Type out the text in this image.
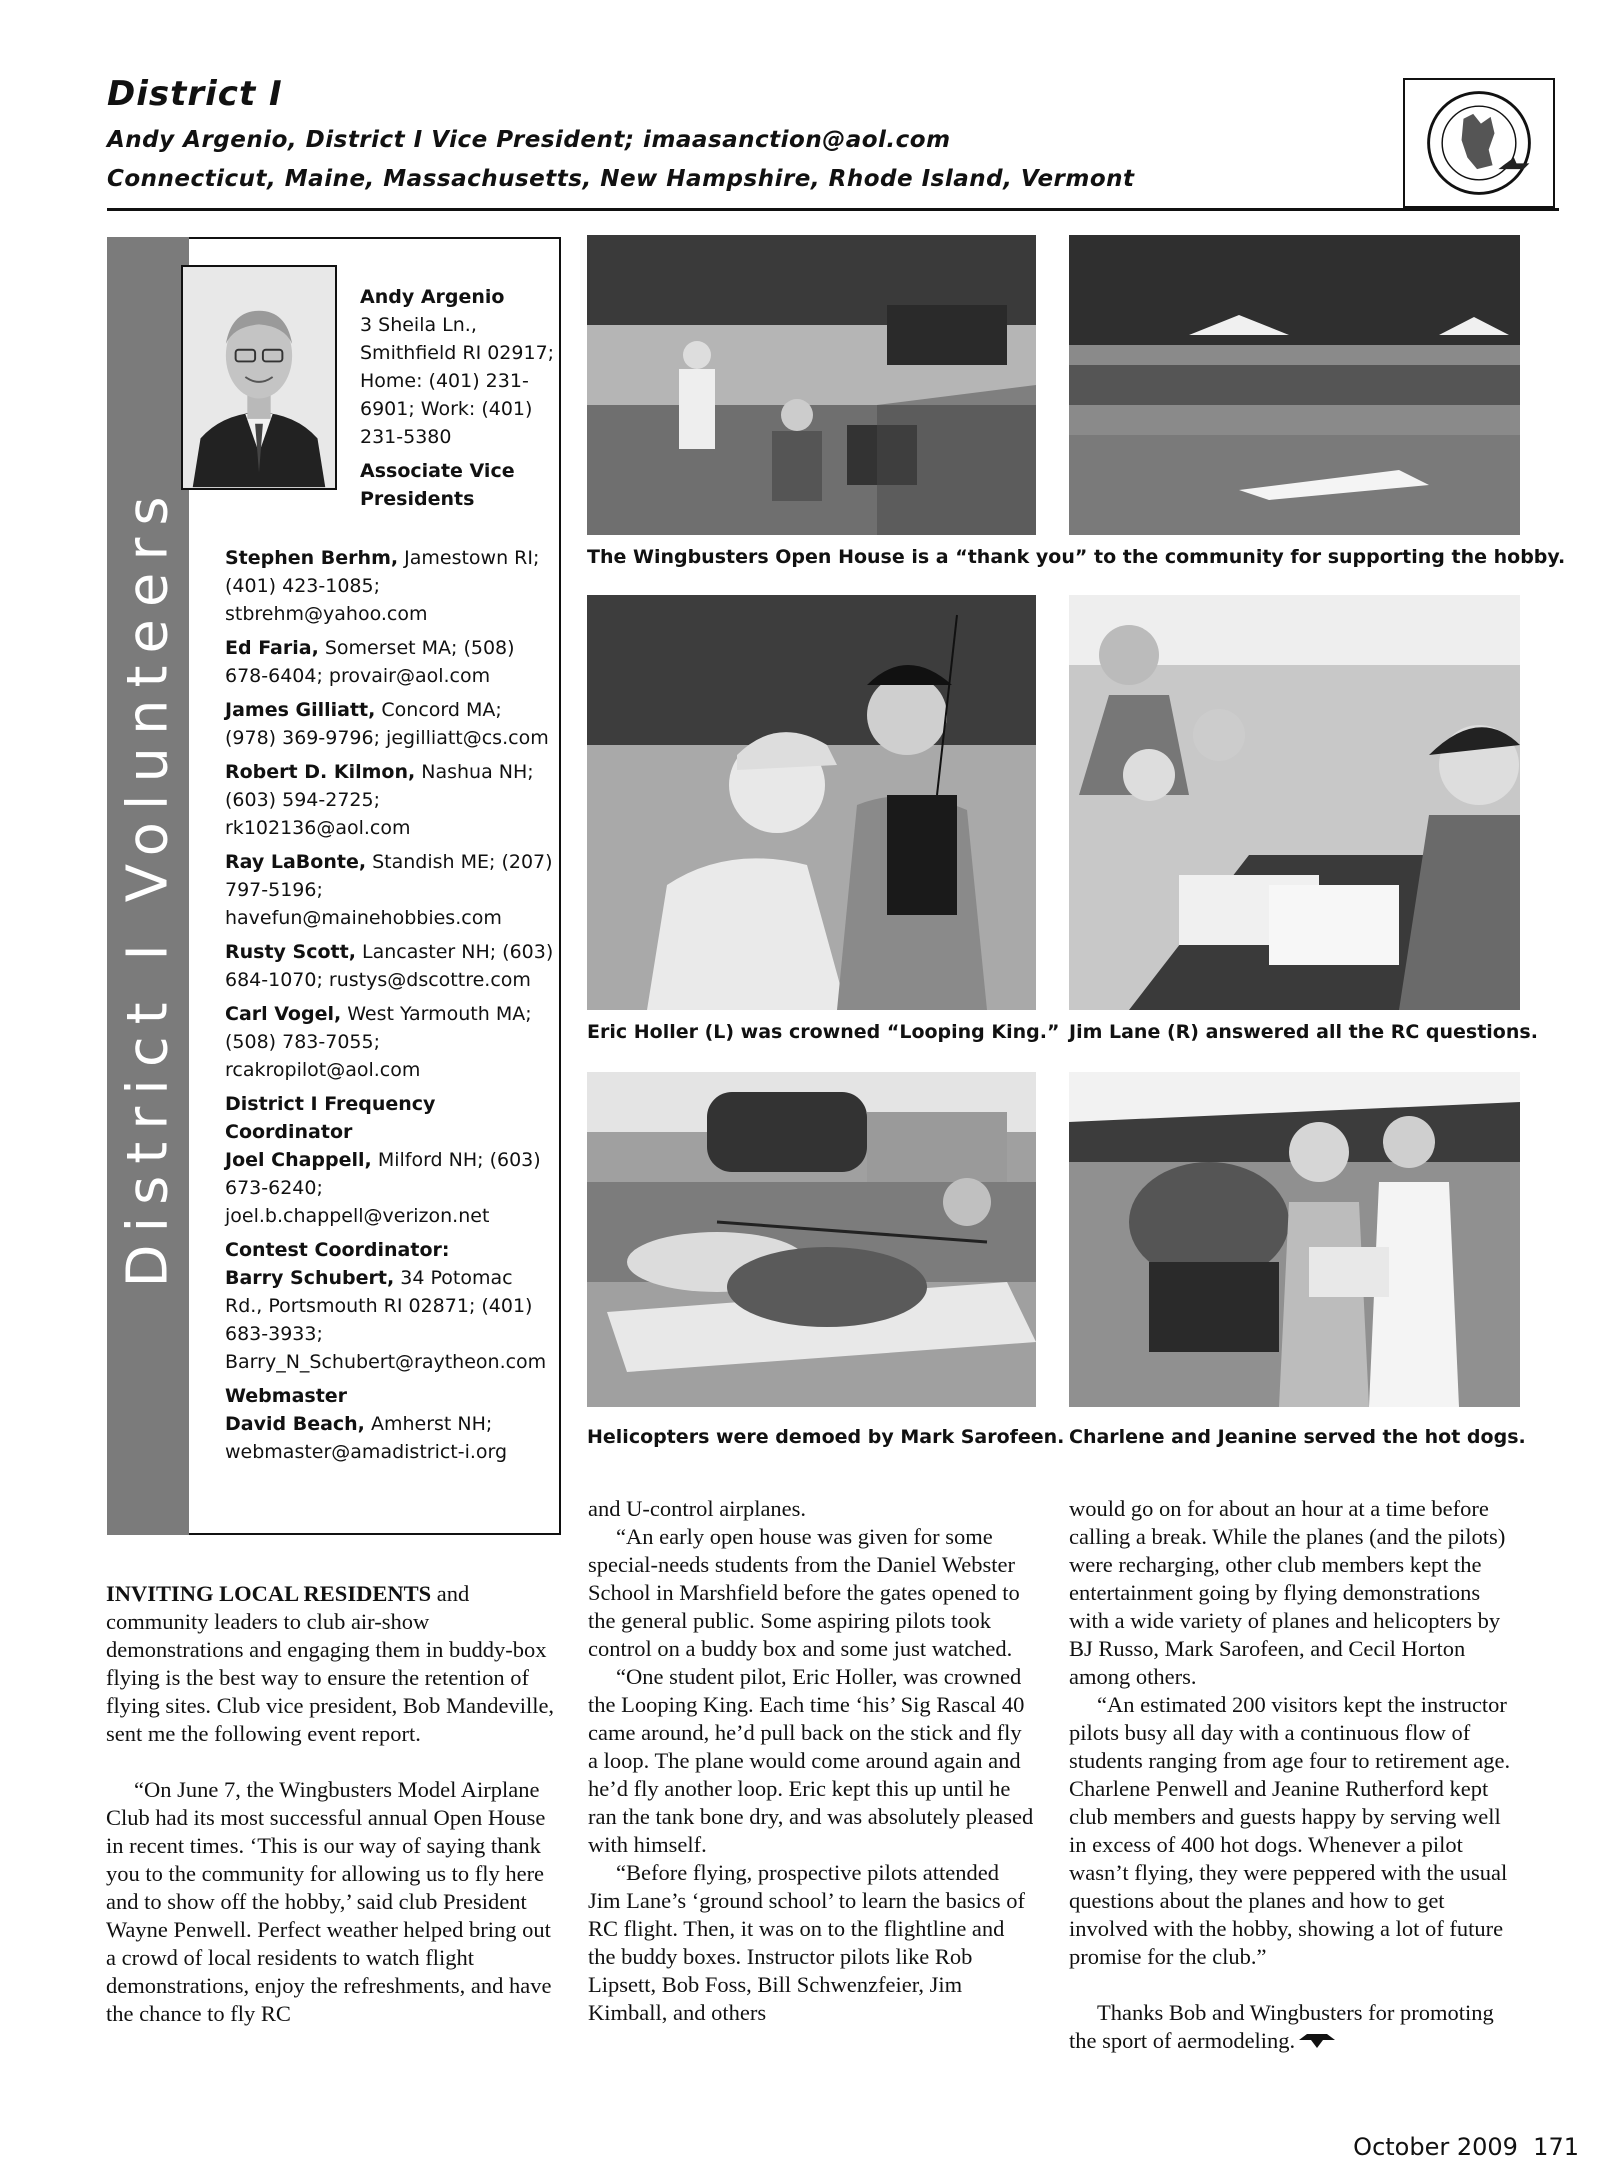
District I
Andy Argenio, District I Vice President; imaasanction@aol.com
Connecticut, Maine, Massachusetts, New Hampshire, Rhode Island, Vermont
District I Volunteers
Andy Argenio
3 Sheila Ln., Smithfield RI 02917; Home: (401) 231-6901; Work: (401) 231-5380
Associate Vice Presidents
Stephen Berhm, Jamestown RI; (401) 423-1085; stbrehm@yahoo.com
Ed Faria, Somerset MA; (508) 678-6404; provair@aol.com
James Gilliatt, Concord MA; (978) 369-9796; jegilliatt@cs.com
Robert D. Kilmon, Nashua NH; (603) 594-2725; rk102136@aol.com
Ray LaBonte, Standish ME; (207) 797-5196; havefun@mainehobbies.com
Rusty Scott, Lancaster NH; (603) 684-1070; rustys@dscottre.com
Carl Vogel, West Yarmouth MA; (508) 783-7055; rcakropilot@aol.com
District I Frequency Coordinator
Joel Chappell, Milford NH; (603) 673-6240; joel.b.chappell@verizon.net
Contest Coordinator:
Barry Schubert, 34 Potomac Rd., Portsmouth RI 02871; (401) 683-3933; Barry_N_Schubert@raytheon.com
Webmaster
David Beach, Amherst NH; webmaster@amadistrict-i.org
The Wingbusters Open House is a “thank you” to the community for supporting the hobby.
Eric Holler (L) was crowned “Looping King.” Jim Lane (R) answered all the RC questions.
Helicopters were demoed by Mark Sarofeen. Charlene and Jeanine served the hot dogs.

INVITING LOCAL RESIDENTS and community leaders to club air-show demonstrations and engaging them in buddy-box flying is the best way to ensure the retention of flying sites. Club vice president, Bob Mandeville, sent me the following event report.

“On June 7, the Wingbusters Model Airplane Club had its most successful annual Open House in recent times. ‘This is our way of saying thank you to the community for allowing us to fly here and to show off the hobby,’ said club President Wayne Penwell. Perfect weather helped bring out a crowd of local residents to watch flight demonstrations, enjoy the refreshments, and have the chance to fly RC

and U-control airplanes.

“An early open house was given for some special-needs students from the Daniel Webster School in Marshfield before the gates opened to the general public. Some aspiring pilots took control on a buddy box and some just watched.

“One student pilot, Eric Holler, was crowned the Looping King. Each time ‘his’ Sig Rascal 40 came around, he’d pull back on the stick and fly a loop. The plane would come around again and he’d fly another loop. Eric kept this up until he ran the tank bone dry, and was absolutely pleased with himself.

“Before flying, prospective pilots attended Jim Lane’s ‘ground school’ to learn the basics of RC flight. Then, it was on to the flightline and the buddy boxes. Instructor pilots like Rob Lipsett, Bob Foss, Bill Schwenzfeier, Jim Kimball, and others

would go on for about an hour at a time before calling a break. While the planes (and the pilots) were recharging, other club members kept the entertainment going by flying demonstrations with a wide variety of planes and helicopters by BJ Russo, Mark Sarofeen, and Cecil Horton among others.

“An estimated 200 visitors kept the instructor pilots busy all day with a continuous flow of students ranging from age four to retirement age. Charlene Penwell and Jeanine Rutherford kept club members and guests happy by serving well in excess of 400 hot dogs. Whenever a pilot wasn’t flying, they were peppered with the usual questions about the planes and how to get involved with the hobby, showing a lot of future promise for the club.”

Thanks Bob and Wingbusters for promoting the sport of aermodeling.

October 2009  171
